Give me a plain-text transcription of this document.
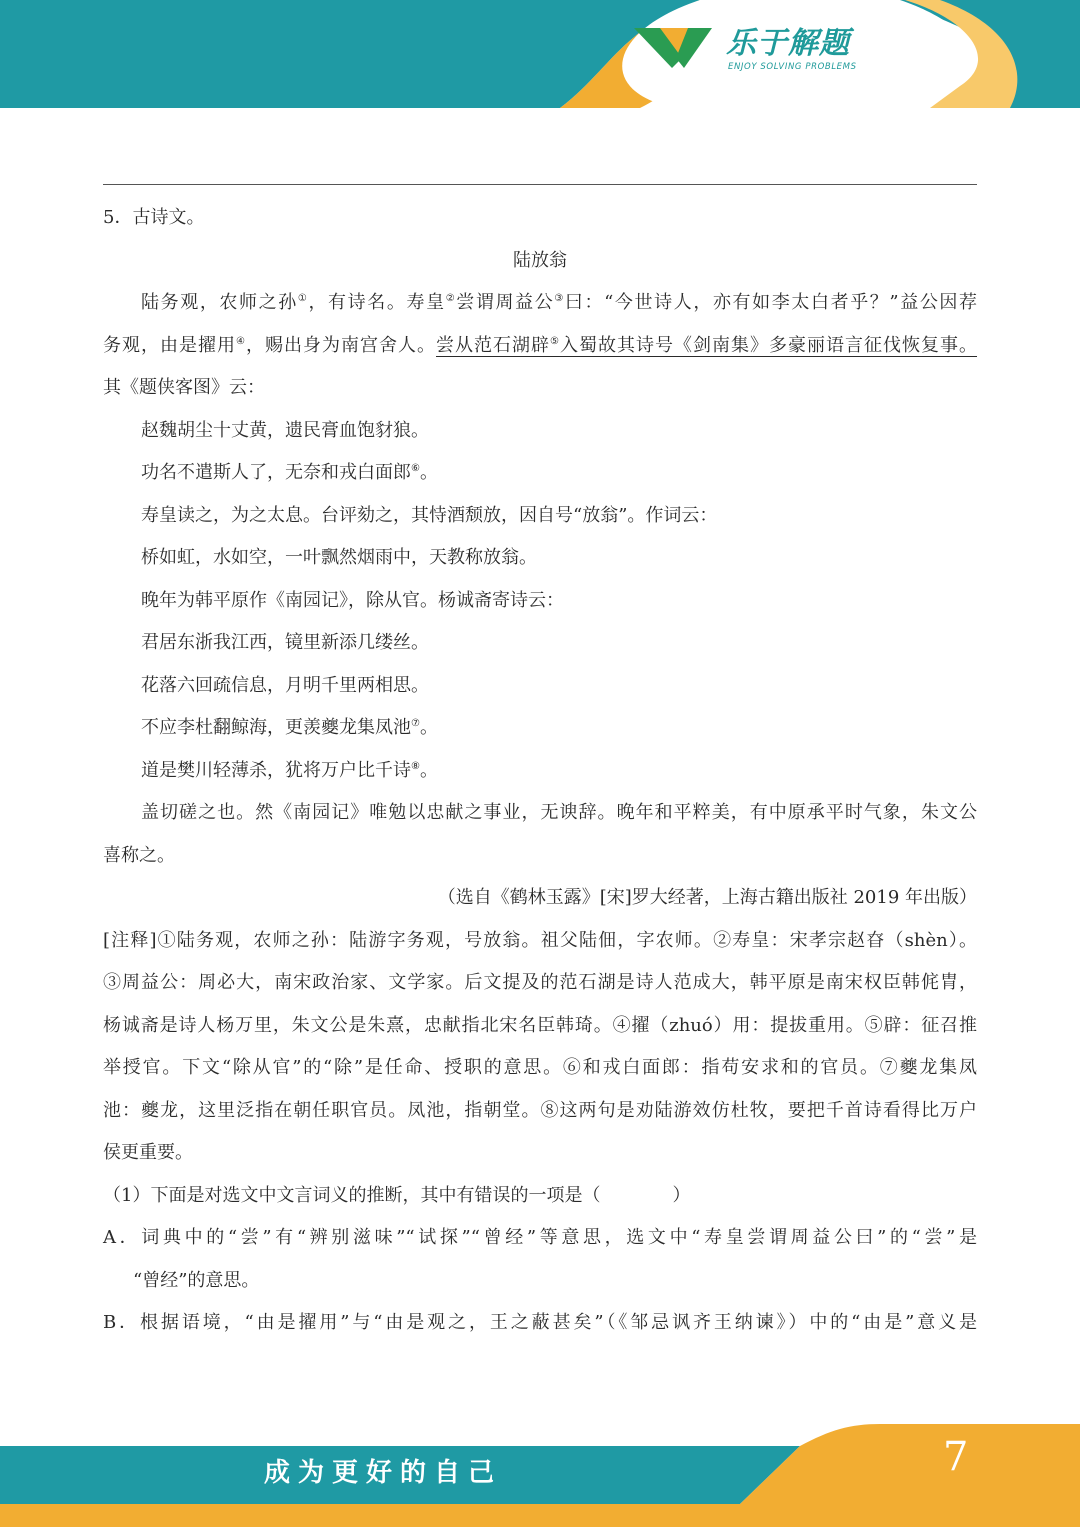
乐于解题
ENJOY SOLVING PROBLEMS
5．古诗文。
陆放翁
陆务观，农师之孙①，有诗名。寿皇②尝谓周益公③曰：“今世诗人，亦有如李太白者乎？”益公因荐
务观，由是擢用④，赐出身为南宫舍人。尝从范石湖辟⑤入蜀故其诗号《剑南集》多豪丽语言征伐恢复事。
其《题侠客图》云：
赵魏胡尘十丈黄，遗民膏血饱豺狼。
功名不遣斯人了，无奈和戎白面郎⑥。
寿皇读之，为之太息。台评劾之，其恃酒颓放，因自号“放翁”。作词云：
桥如虹，水如空，一叶飘然烟雨中，天教称放翁。
晚年为韩平原作《南园记》，除从官。杨诚斋寄诗云：
君居东浙我江西，镜里新添几缕丝。
花落六回疏信息，月明千里两相思。
不应李杜翻鲸海，更羡夔龙集凤池⑦。
道是樊川轻薄杀，犹将万户比千诗⑧。
盖切磋之也。然《南园记》唯勉以忠献之事业，无谀辞。晚年和平粹美，有中原承平时气象，朱文公
喜称之。
（选自《鹤林玉露》[宋]罗大经著，上海古籍出版社 2019 年出版）
[注释]①陆务观，农师之孙：陆游字务观，号放翁。祖父陆佃，字农师。②寿皇：宋孝宗赵昚（shèn）。
③周益公：周必大，南宋政治家、文学家。后文提及的范石湖是诗人范成大，韩平原是南宋权臣韩侂胄，
杨诚斋是诗人杨万里，朱文公是朱熹，忠献指北宋名臣韩琦。④擢（zhuó）用：提拔重用。⑤辟：征召推
举授官。下文“除从官”的“除”是任命、授职的意思。⑥和戎白面郎：指苟安求和的官员。⑦夔龙集凤
池：夔龙，这里泛指在朝任职官员。凤池，指朝堂。⑧这两句是劝陆游效仿杜牧，要把千首诗看得比万户
侯更重要。
（1）下面是对选文中文言词义的推断，其中有错误的一项是（　　　　）
A．词典中的“尝”有“辨别滋味”“试探”“曾经”等意思，选文中“寿皇尝谓周益公曰”的“尝”是
“曾经”的意思。
B．根据语境，“由是擢用”与“由是观之，王之蔽甚矣”（《邹忌讽齐王纳谏》）中的“由是”意义是
成为更好的自己	7
